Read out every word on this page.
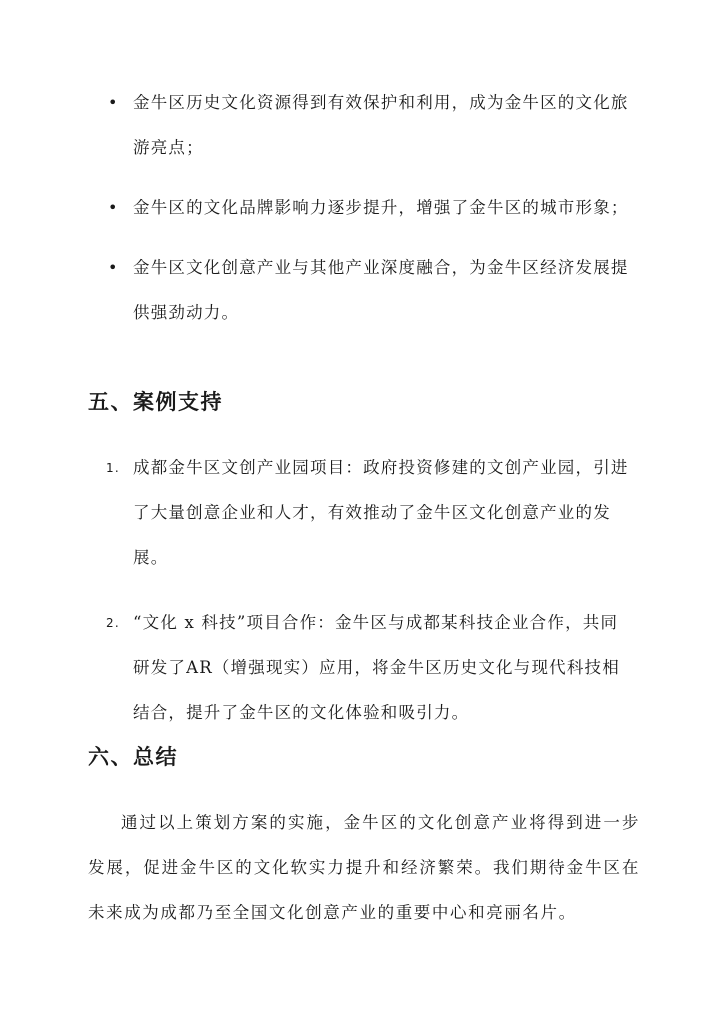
• 金牛区历史文化资源得到有效保护和利用，成为金牛区的文化旅游亮点；
• 金牛区的文化品牌影响力逐步提升，增强了金牛区的城市形象；
• 金牛区文化创意产业与其他产业深度融合，为金牛区经济发展提供强劲动力。
五、案例支持
1. 成都金牛区文创产业园项目：政府投资修建的文创产业园，引进了大量创意企业和人才，有效推动了金牛区文化创意产业的发展。
2. “文化 x 科技”项目合作：金牛区与成都某科技企业合作，共同研发了AR（增强现实）应用，将金牛区历史文化与现代科技相结合，提升了金牛区的文化体验和吸引力。
六、总结

通过以上策划方案的实施，金牛区的文化创意产业将得到进一步发展，促进金牛区的文化软实力提升和经济繁荣。我们期待金牛区在未来成为成都乃至全国文化创意产业的重要中心和亮丽名片。
